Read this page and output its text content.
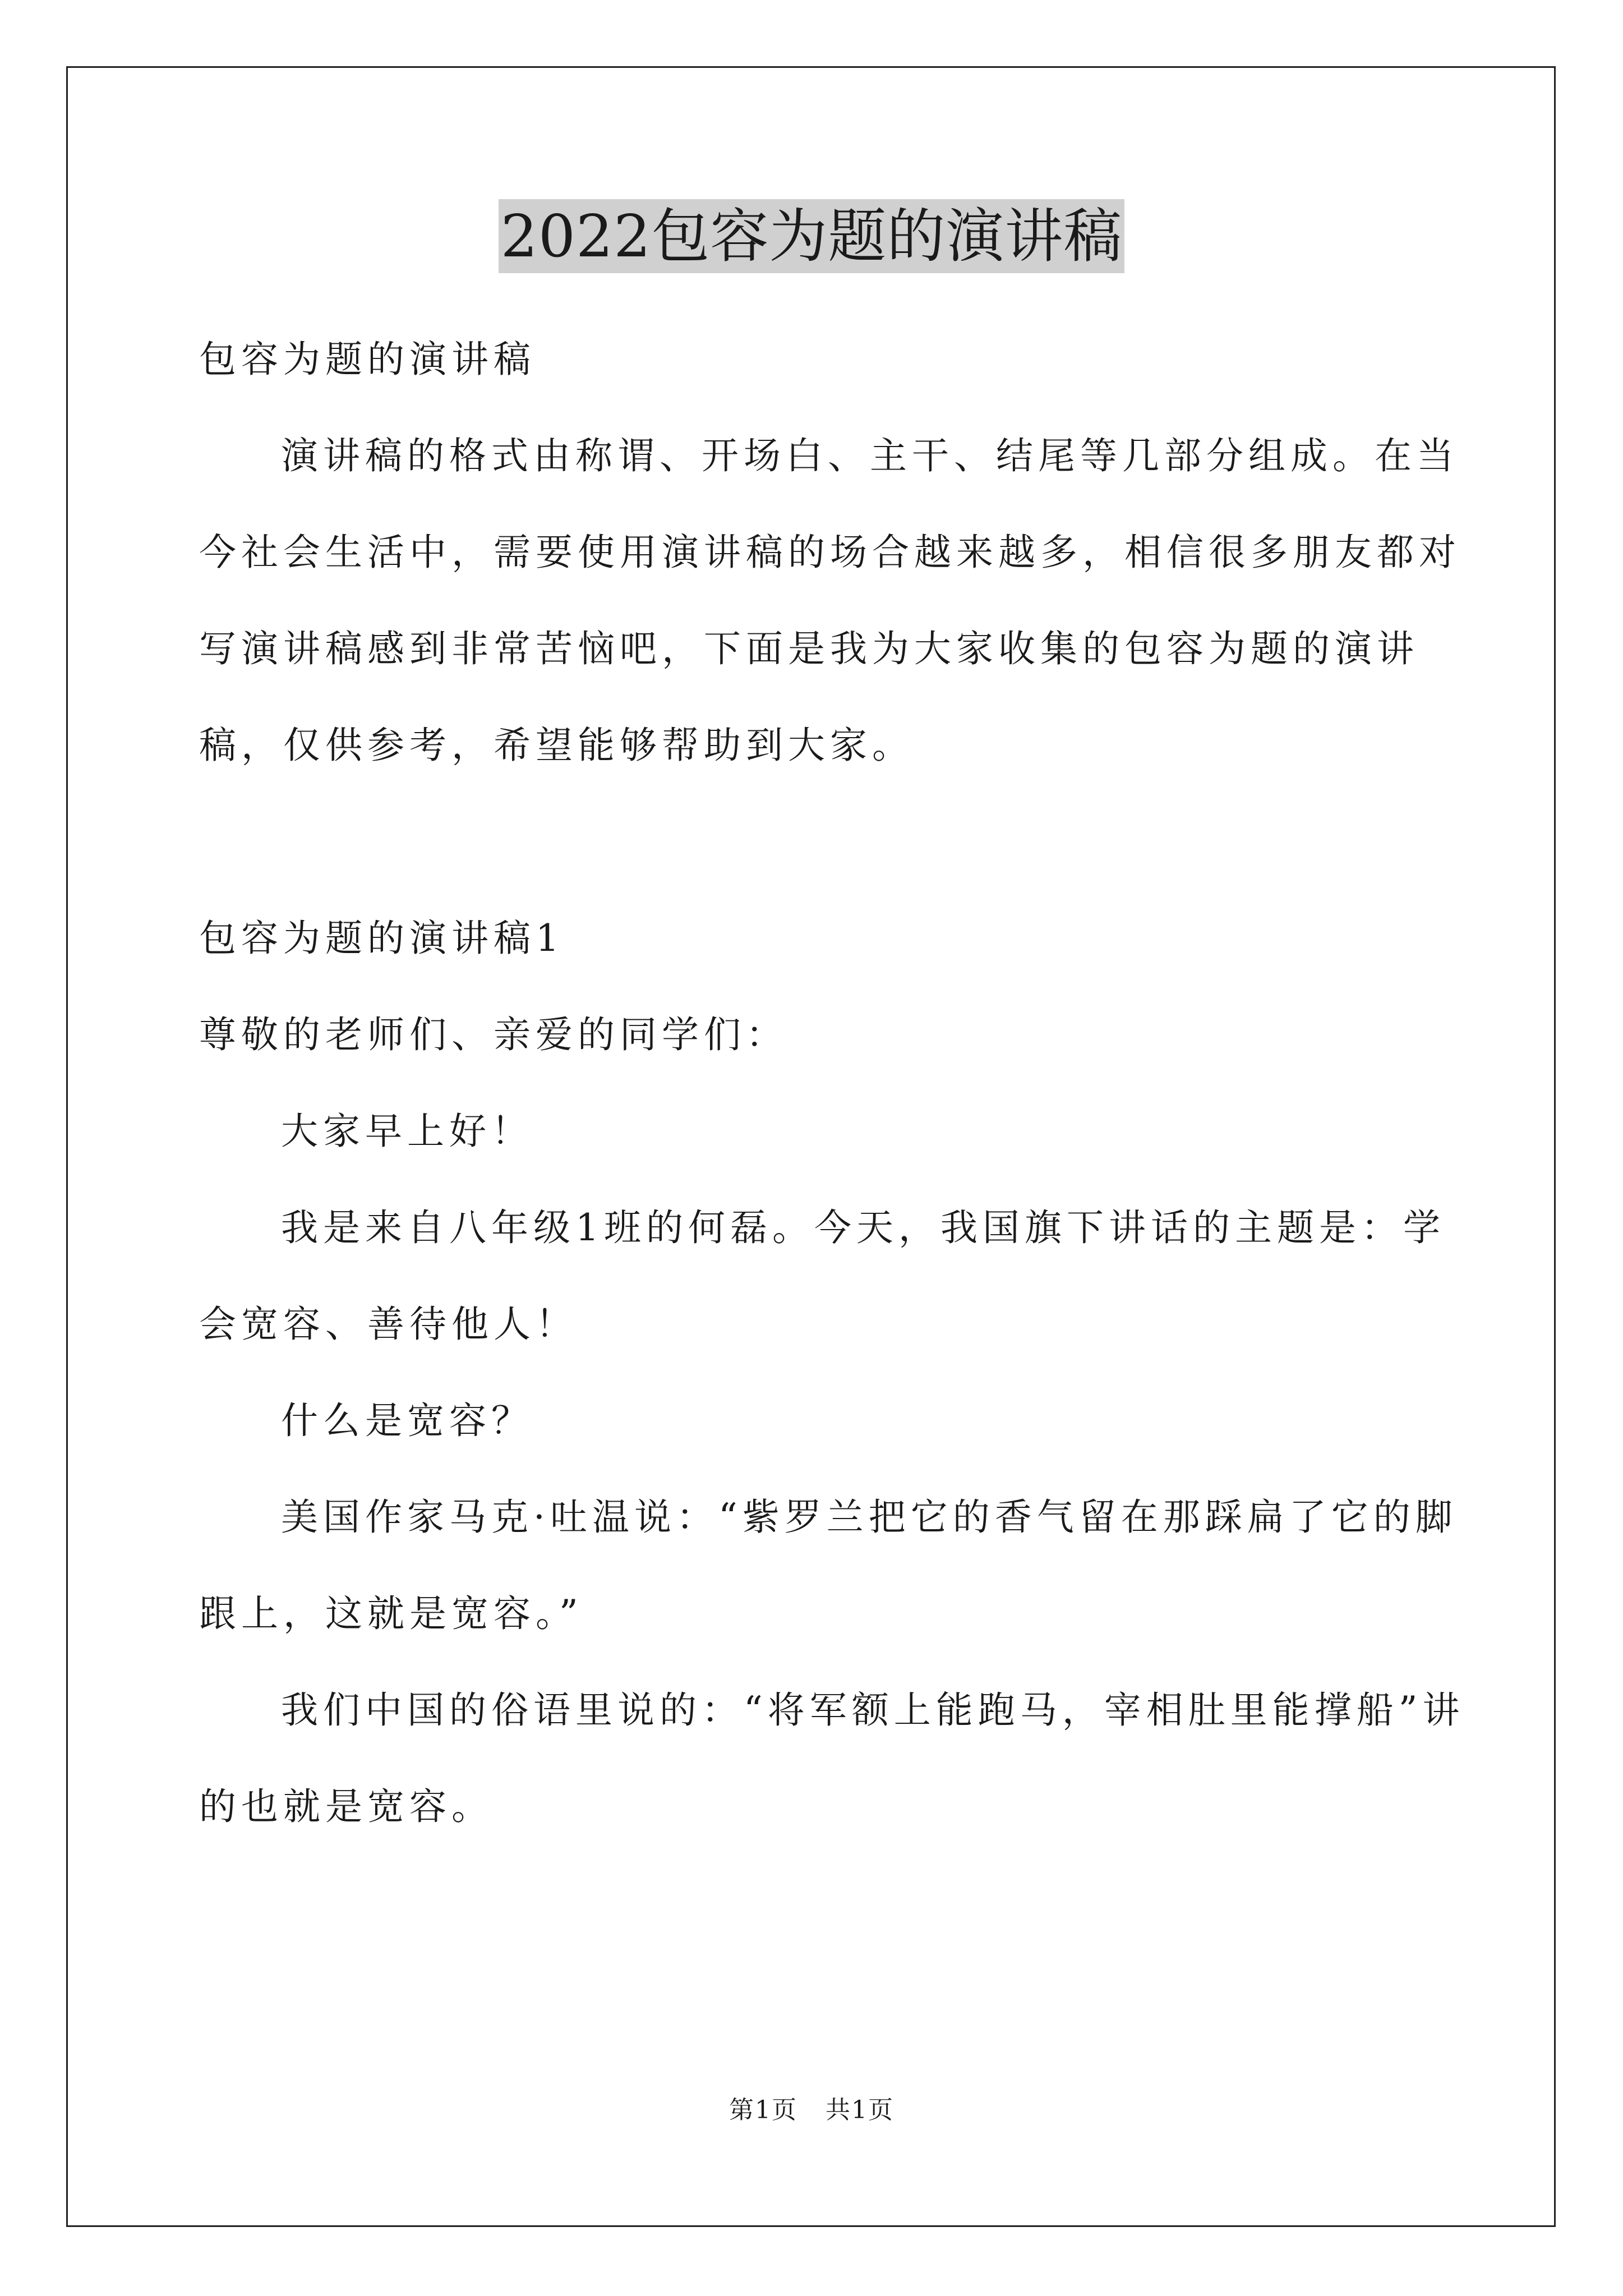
2022包容为题的演讲稿

包容为题的演讲稿

演讲稿的格式由称谓、开场白、主干、结尾等几部分组成。在当今社会生活中，需要使用演讲稿的场合越来越多，相信很多朋友都对写演讲稿感到非常苦恼吧，下面是我为大家收集的包容为题的演讲稿，仅供参考，希望能够帮助到大家。

包容为题的演讲稿1

尊敬的老师们、亲爱的同学们：

大家早上好！

我是来自八年级1班的何磊。今天，我国旗下讲话的主题是：学会宽容、善待他人！

什么是宽容？

美国作家马克·吐温说：“紫罗兰把它的香气留在那踩扁了它的脚跟上，这就是宽容。”

我们中国的俗语里说的：“将军额上能跑马，宰相肚里能撑船”讲的也就是宽容。

第1页 共1页
